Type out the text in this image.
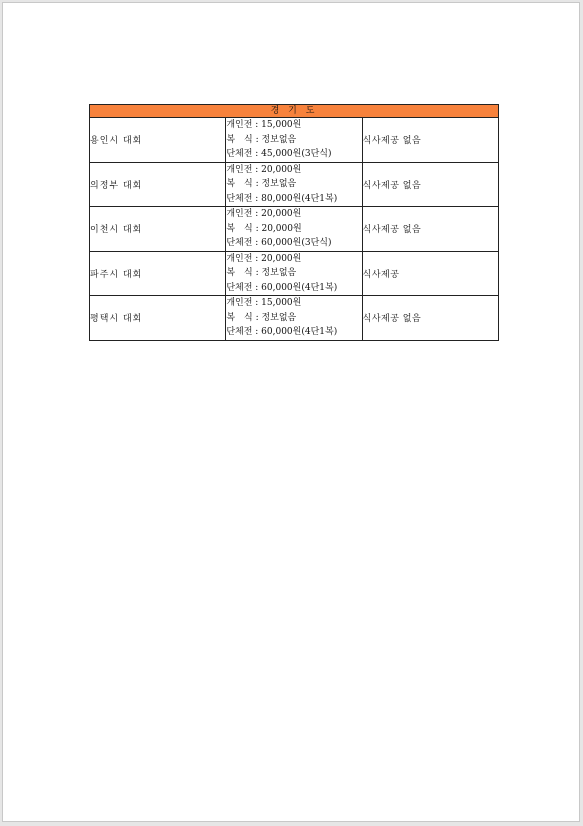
경 기 도		
용인시 대회	개인전 : 15,000원
복　식 : 정보없음
단체전 : 45,000원(3단식)	식사제공 없음
의정부 대회	개인전 : 20,000원
복　식 : 정보없음
단체전 : 80,000원(4단1복)	식사제공 없음
이천시 대회	개인전 : 20,000원
복　식 : 20,000원
단체전 : 60,000원(3단식)	식사제공 없음
파주시 대회	개인전 : 20,000원
복　식 : 정보없음
단체전 : 60,000원(4단1복)	식사제공
평택시 대회	개인전 : 15,000원
복　식 : 정보없음
단체전 : 60,000원(4단1복)	식사제공 없음
